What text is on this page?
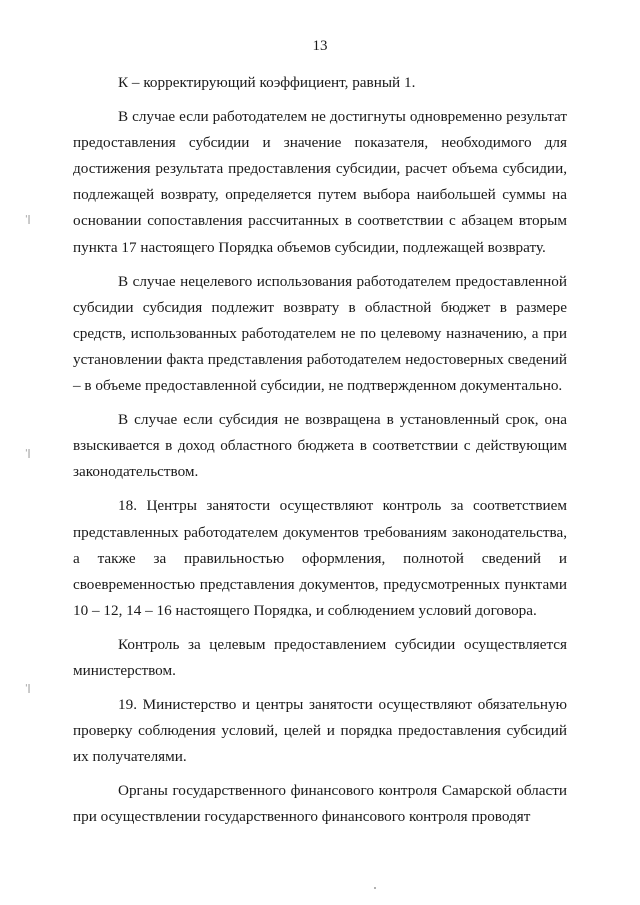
13
ˈ|
ˈ|
ˈ|

К – корректирующий коэффициент, равный 1.

В случае если работодателем не достигнуты одновременно результат предоставления субсидии и значение показателя, необходимого для достижения результата предоставления субсидии, расчет объема субсидии, подлежащей возврату, определяется путем выбора наибольшей суммы на основании сопоставления рассчитанных в соответствии с абзацем вторым пункта 17 настоящего Порядка объемов субсидии, подлежащей возврату.

В случае нецелевого использования работодателем предоставленной субсидии субсидия подлежит возврату в областной бюджет в размере средств, использованных работодателем не по целевому назначению, а при установлении факта представления работодателем недостоверных сведений – в объеме предоставленной субсидии, не подтвержденном документально.

В случае если субсидия не возвращена в установленный срок, она взыскивается в доход областного бюджета в соответствии с действующим законодательством.

18. Центры занятости осуществляют контроль за соответствием представленных работодателем документов требованиям законодательства, а также за правильностью оформления, полнотой сведений и своевременностью представления документов, предусмотренных пунктами 10 – 12, 14 – 16 настоящего Порядка, и соблюдением условий договора.

Контроль за целевым предоставлением субсидии осуществляется министерством.

19. Министерство и центры занятости осуществляют обязательную проверку соблюдения условий, целей и порядка предоставления субсидий их получателями.

Органы государственного финансового контроля Самарской области при осуществлении государственного финансового контроля проводят
